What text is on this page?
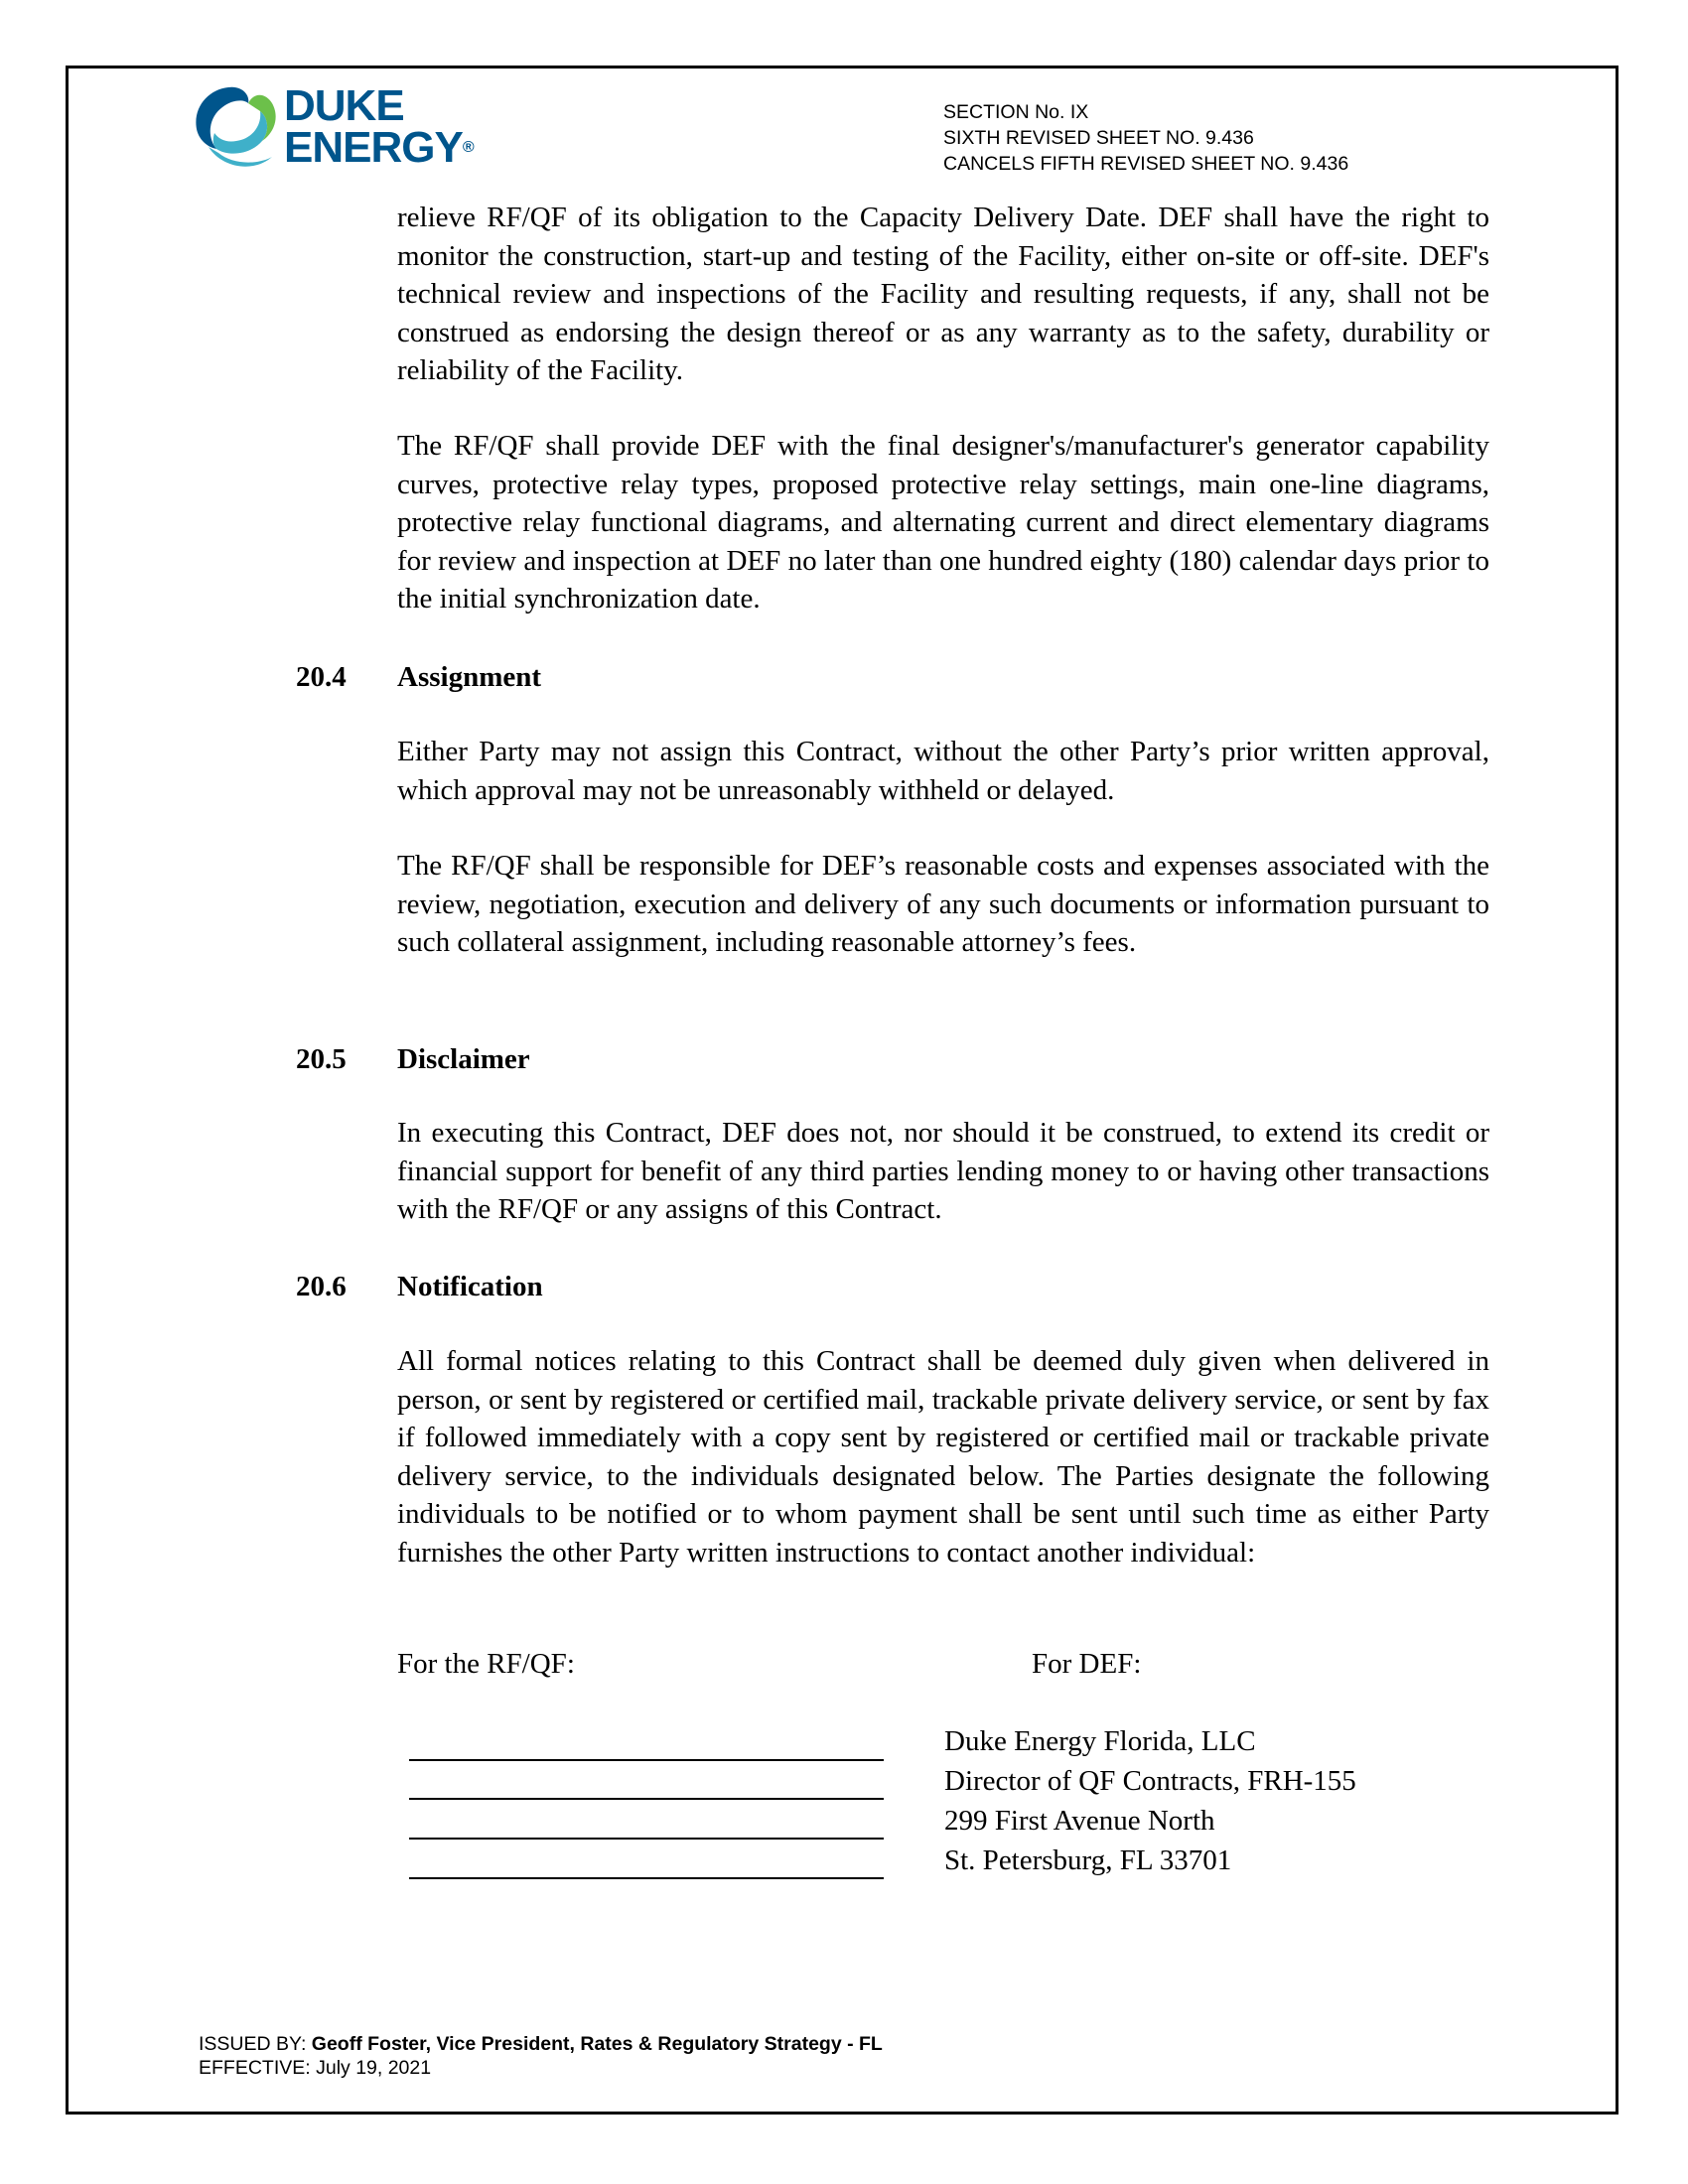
DUKE
ENERGY®
SECTION No. IX
SIXTH REVISED SHEET NO. 9.436
CANCELS FIFTH REVISED SHEET NO. 9.436

relieve RF/QF of its obligation to the Capacity Delivery Date. DEF shall have the right to monitor the construction, start-up and testing of the Facility, either on-site or off-site. DEF's technical review and inspections of the Facility and resulting requests, if any, shall not be construed as endorsing the design thereof or as any warranty as to the safety, durability or reliability of the Facility.

The RF/QF shall provide DEF with the final designer's/manufacturer's generator capability curves, protective relay types, proposed protective relay settings, main one-line diagrams, protective relay functional diagrams, and alternating current and direct elementary diagrams for review and inspection at DEF no later than one hundred eighty (180) calendar days prior to the initial synchronization date.

20.4 Assignment

Either Party may not assign this Contract, without the other Party’s prior written approval, which approval may not be unreasonably withheld or delayed.

The RF/QF shall be responsible for DEF’s reasonable costs and expenses associated with the review, negotiation, execution and delivery of any such documents or information pursuant to such collateral assignment, including reasonable attorney’s fees.

20.5 Disclaimer

In executing this Contract, DEF does not, nor should it be construed, to extend its credit or financial support for benefit of any third parties lending money to or having other transactions with the RF/QF or any assigns of this Contract.

20.6 Notification

All formal notices relating to this Contract shall be deemed duly given when delivered in person, or sent by registered or certified mail, trackable private delivery service, or sent by fax if followed immediately with a copy sent by registered or certified mail or trackable private delivery service, to the individuals designated below. The Parties designate the following individuals to be notified or to whom payment shall be sent until such time as either Party furnishes the other Party written instructions to contact another individual:

For the RF/QF:	For DEF:
Duke Energy Florida, LLC
Director of QF Contracts, FRH-155
299 First Avenue North
St. Petersburg, FL 33701
ISSUED BY: Geoff Foster, Vice President, Rates & Regulatory Strategy - FL
EFFECTIVE: July 19, 2021
